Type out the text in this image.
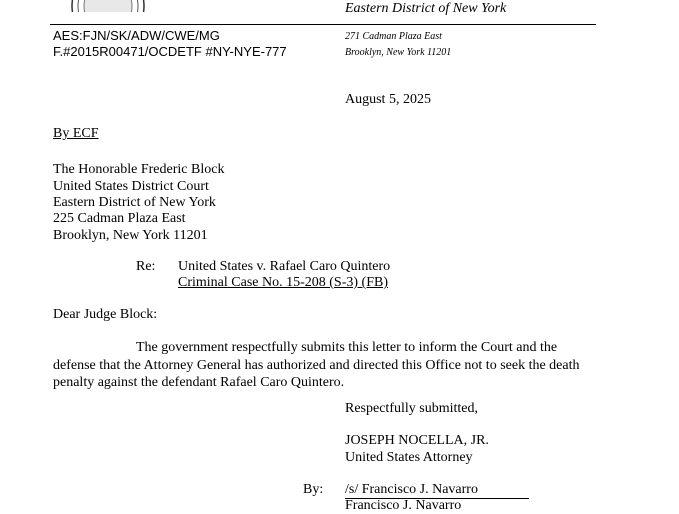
Eastern District of New York
AES:FJN/SK/ADW/CWE/MG
F.#2015R00471/OCDETF #NY-NYE-777
271 Cadman Plaza East
Brooklyn, New York 11201
August 5, 2025
By ECF
The Honorable Frederic Block
United States District Court
Eastern District of New York
225 Cadman Plaza East
Brooklyn, New York 11201
Re: United States v. Rafael Caro Quintero
Criminal Case No. 15-208 (S-3) (FB)
Dear Judge Block:
The government respectfully submits this letter to inform the Court and the defense that the Attorney General has authorized and directed this Office not to seek the death penalty against the defendant Rafael Caro Quintero.
Respectfully submitted,
JOSEPH NOCELLA, JR.
United States Attorney
By: /s/ Francisco J. Navarro
Francisco J. Navarro
